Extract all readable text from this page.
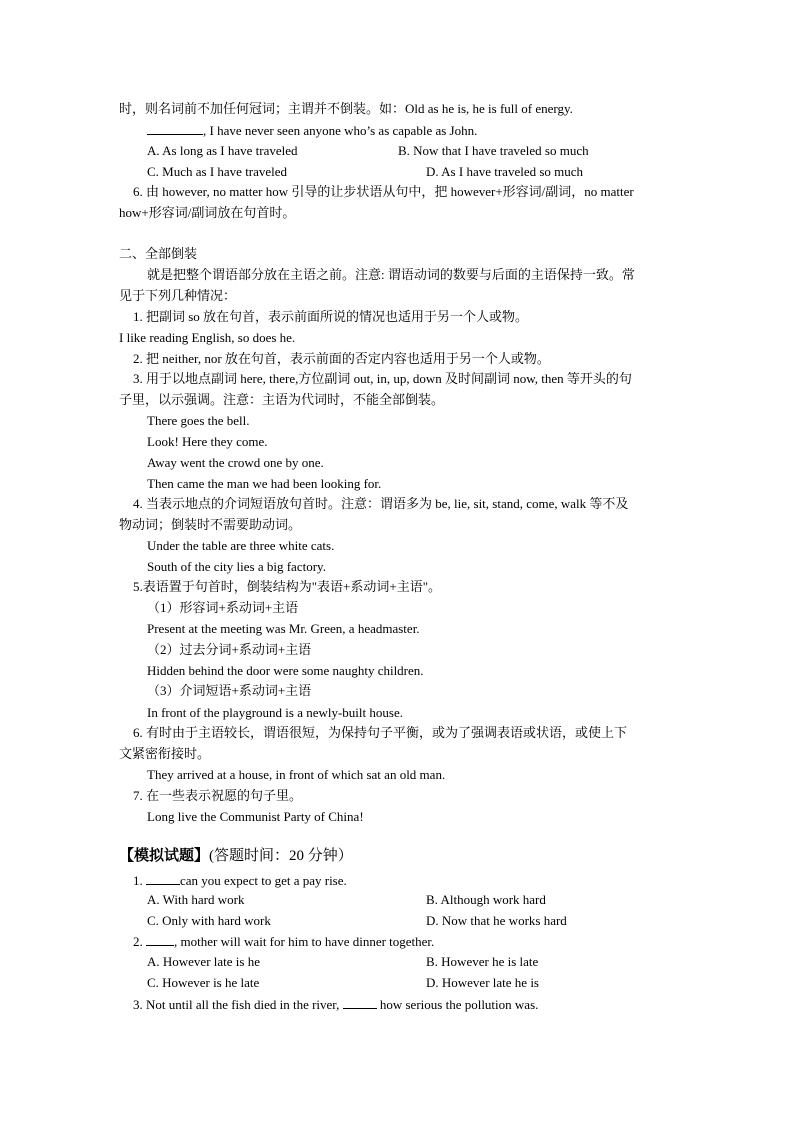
时，则名词前不加任何冠词；主谓并不倒装。如：Old as he is, he is full of energy.
, I have never seen anyone who’s as capable as John.
A. As long as I have traveled	B. Now that I have traveled so much
C. Much as I have traveled	D. As I have traveled so much
6. 由 however, no matter how 引导的让步状语从句中，把 however+形容词/副词，no matter
how+形容词/副词放在句首时。
二、全部倒装
就是把整个谓语部分放在主语之前。注意: 谓语动词的数要与后面的主语保持一致。常
见于下列几种情况：
1. 把副词 so 放在句首，表示前面所说的情况也适用于另一个人或物。
I like reading English, so does he.
2. 把 neither, nor 放在句首，表示前面的否定内容也适用于另一个人或物。
3. 用于以地点副词 here, there,方位副词 out, in, up, down 及时间副词 now, then 等开头的句
子里，以示强调。注意：主语为代词时，不能全部倒装。
There goes the bell.
Look! Here they come.
Away went the crowd one by one.
Then came the man we had been looking for.
4. 当表示地点的介词短语放句首时。注意：谓语多为 be, lie, sit, stand, come, walk 等不及
物动词；倒装时不需要助动词。
Under the table are three white cats.
South of the city lies a big factory.
5.表语置于句首时，倒装结构为"表语+系动词+主语"。
（1）形容词+系动词+主语
Present at the meeting was Mr. Green, a headmaster.
（2）过去分词+系动词+主语
Hidden behind the door were some naughty children.
（3）介词短语+系动词+主语
In front of the playground is a newly-built house.
6. 有时由于主语较长，谓语很短，为保持句子平衡，或为了强调表语或状语，或使上下
文紧密衔接时。
They arrived at a house, in front of which sat an old man.
7. 在一些表示祝愿的句子里。
Long live the Communist Party of China!
【模拟试题】(答题时间：20 分钟）
1.	can you expect to get a pay rise.
A. With hard work	B. Although work hard
C. Only with hard work	D. Now that he works hard
2. , mother will wait for him to have dinner together.
A. However late is he	B. However he is late
C. However is he late	D. However late he is
3. Not until all the fish died in the river,	how serious the pollution was.
